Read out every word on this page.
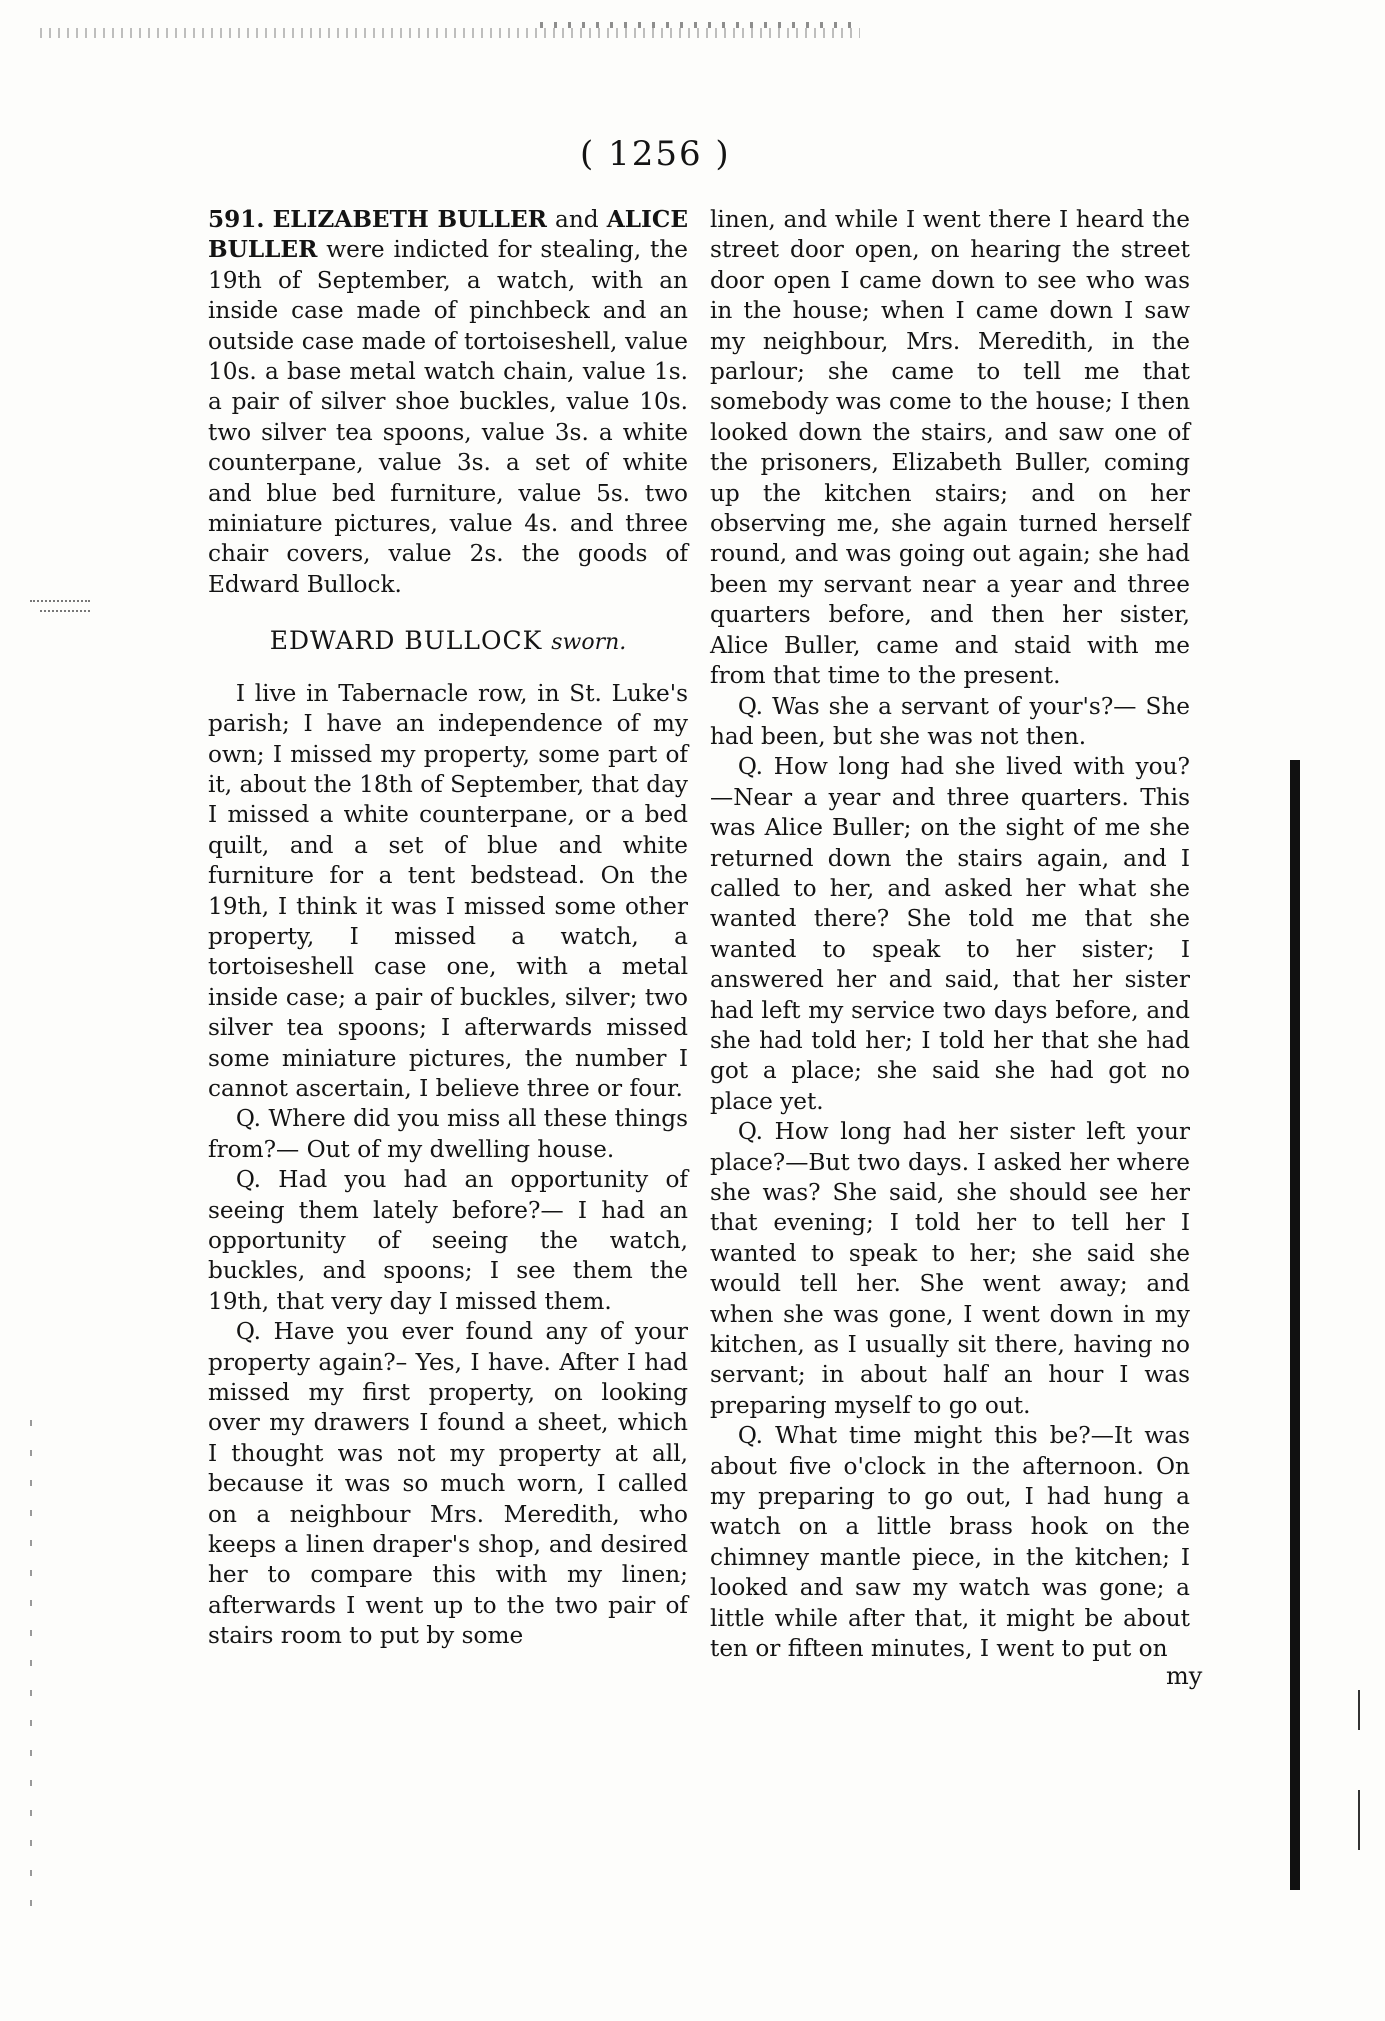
( 1256 )

591. ELIZABETH BULLER and ALICE BULLER were indicted for stealing, the 19th of September, a watch, with an inside case made of pinchbeck and an outside case made of tortoiseshell, value 10s. a base metal watch chain, value 1s. a pair of silver shoe buckles, value 10s. two silver tea spoons, value 3s. a white counterpane, value 3s. a set of white and blue bed furniture, value 5s. two miniature pictures, value 4s. and three chair covers, value 2s. the goods of Edward Bullock.

EDWARD BULLOCK sworn.

I live in Tabernacle row, in St. Luke's parish; I have an independence of my own; I missed my property, some part of it, about the 18th of September, that day I missed a white counterpane, or a bed quilt, and a set of blue and white furniture for a tent bedstead. On the 19th, I think it was I missed some other property, I missed a watch, a tortoiseshell case one, with a metal inside case; a pair of buckles, silver; two silver tea spoons; I afterwards missed some miniature pictures, the number I cannot ascertain, I believe three or four.

Q. Where did you miss all these things from?— Out of my dwelling house.

Q. Had you had an opportunity of seeing them lately before?— I had an opportunity of seeing the watch, buckles, and spoons; I see them the 19th, that very day I missed them.

Q. Have you ever found any of your property again?– Yes, I have. After I had missed my first property, on looking over my drawers I found a sheet, which I thought was not my property at all, because it was so much worn, I called on a neighbour Mrs. Meredith, who keeps a linen draper's shop, and desired her to compare this with my linen; afterwards I went up to the two pair of stairs room to put by some

linen, and while I went there I heard the street door open, on hearing the street door open I came down to see who was in the house; when I came down I saw my neighbour, Mrs. Meredith, in the parlour; she came to tell me that somebody was come to the house; I then looked down the stairs, and saw one of the prisoners, Elizabeth Buller, coming up the kitchen stairs; and on her observing me, she again turned herself round, and was going out again; she had been my servant near a year and three quarters before, and then her sister, Alice Buller, came and staid with me from that time to the present.

Q. Was she a servant of your's?— She had been, but she was not then.

Q. How long had she lived with you? —Near a year and three quarters. This was Alice Buller; on the sight of me she returned down the stairs again, and I called to her, and asked her what she wanted there? She told me that she wanted to speak to her sister; I answered her and said, that her sister had left my service two days before, and she had told her; I told her that she had got a place; she said she had got no place yet.

Q. How long had her sister left your place?—But two days. I asked her where she was? She said, she should see her that evening; I told her to tell her I wanted to speak to her; she said she would tell her. She went away; and when she was gone, I went down in my kitchen, as I usually sit there, having no servant; in about half an hour I was preparing myself to go out.

Q. What time might this be?—It was about five o'clock in the afternoon. On my preparing to go out, I had hung a watch on a little brass hook on the chimney mantle piece, in the kitchen; I looked and saw my watch was gone; a little while after that, it might be about ten or fifteen minutes, I went to put on

my
